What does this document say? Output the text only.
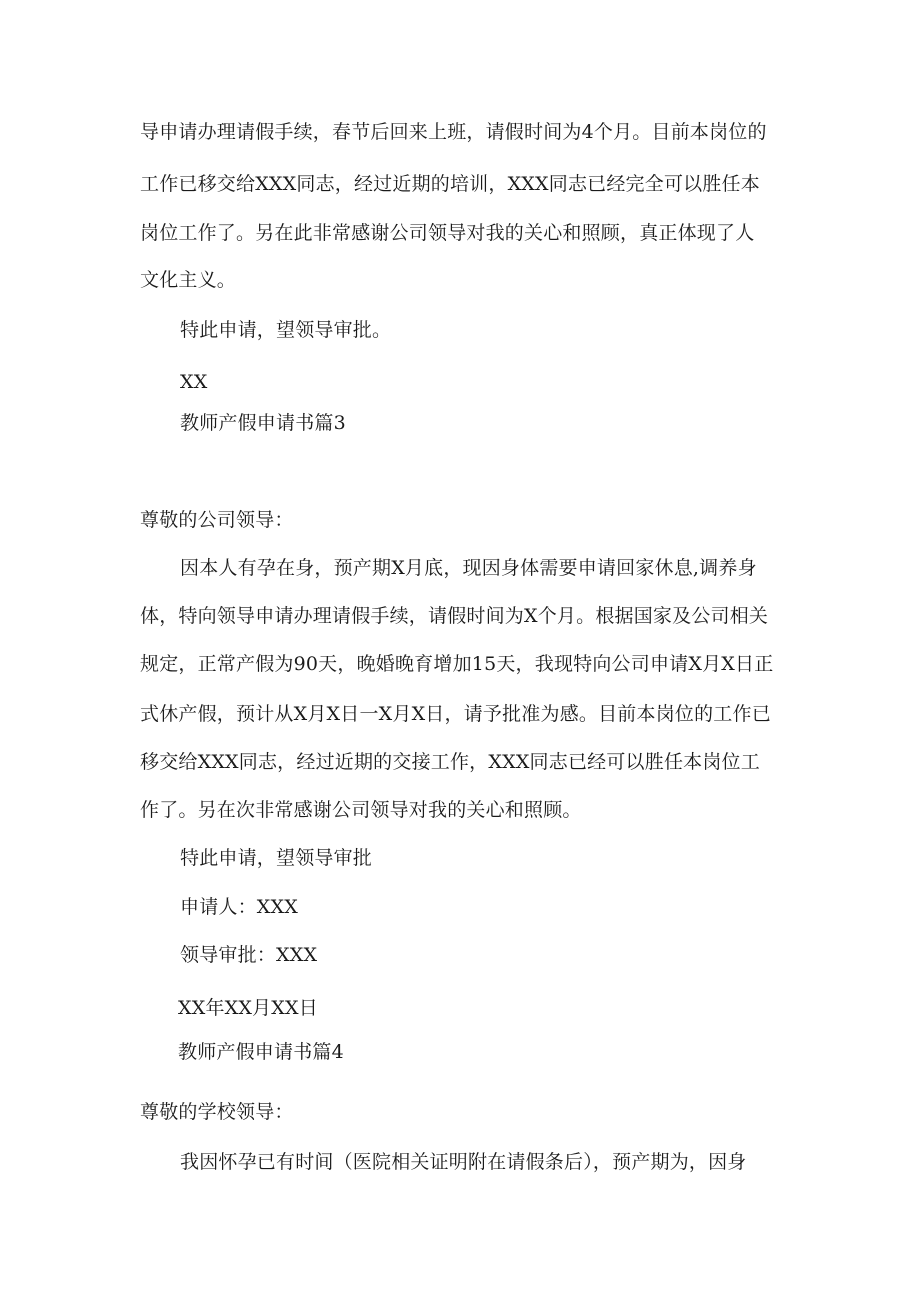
导申请办理请假手续，春节后回来上班，请假时间为4个月。目前本岗位的
工作已移交给XXX同志，经过近期的培训，XXX同志已经完全可以胜任本
岗位工作了。另在此非常感谢公司领导对我的关心和照顾，真正体现了人
文化主义。
特此申请，望领导审批。
XX
教师产假申请书篇3
尊敬的公司领导：
因本人有孕在身，预产期X月底，现因身体需要申请回家休息,调养身
体，特向领导申请办理请假手续，请假时间为X个月。根据国家及公司相关
规定，正常产假为90天，晚婚晚育增加15天，我现特向公司申请X月X日正
式休产假，预计从X月X日一X月X日，请予批准为感。目前本岗位的工作已
移交给XXX同志，经过近期的交接工作，XXX同志已经可以胜任本岗位工
作了。另在次非常感谢公司领导对我的关心和照顾。
特此申请，望领导审批
申请人：XXX
领导审批：XXX
XX年XX月XX日
教师产假申请书篇4
尊敬的学校领导：
我因怀孕已有时间（医院相关证明附在请假条后），预产期为，因身
